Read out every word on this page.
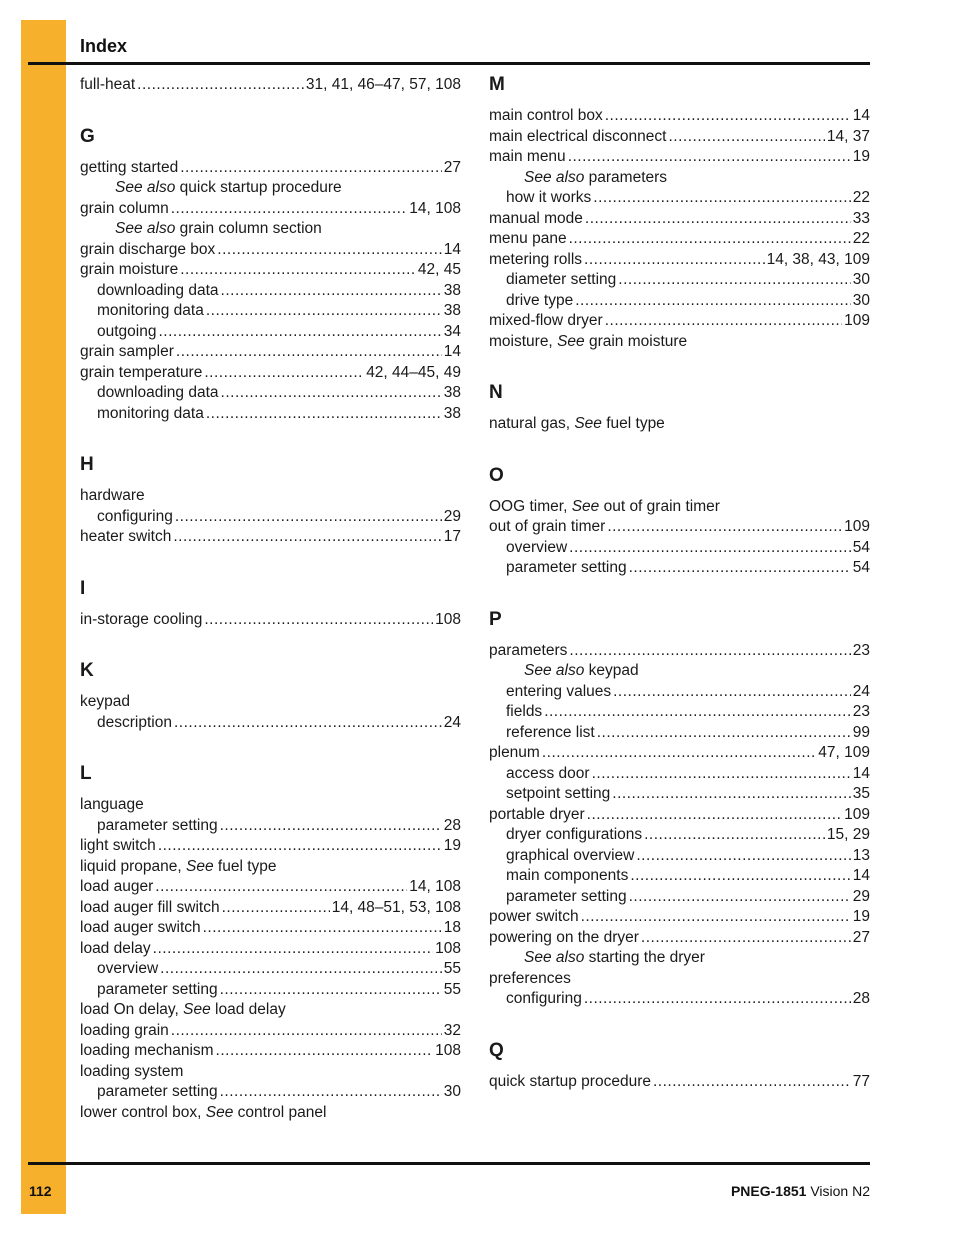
Index
full-heat .....	31, 41, 46–47, 57, 108
G
getting started .....	27
See also quick startup procedure
grain column .....	14, 108
See also grain column section
grain discharge box .....	14
grain moisture .....	42, 45
downloading data .....	38
monitoring data .....	38
outgoing .....	34
grain sampler .....	14
grain temperature .....	42, 44–45, 49
downloading data .....	38
monitoring data .....	38
H
hardware
configuring .....	29
heater switch .....	17
I
in-storage cooling .....	108
K
keypad
description .....	24
L
language
parameter setting .....	28
light switch .....	19
liquid propane, See fuel type
load auger .....	14, 108
load auger fill switch .....	14, 48–51, 53, 108
load auger switch .....	18
load delay .....	108
overview .....	55
parameter setting .....	55
load On delay, See load delay
loading grain .....	32
loading mechanism .....	108
loading system
parameter setting .....	30
lower control box, See control panel
M
main control box .....	14
main electrical disconnect .....	14, 37
main menu .....	19
See also parameters
how it works .....	22
manual mode .....	33
menu pane .....	22
metering rolls .....	14, 38, 43, 109
diameter setting .....	30
drive type .....	30
mixed-flow dryer .....	109
moisture, See grain moisture
N
natural gas, See fuel type
O
OOG timer, See out of grain timer
out of grain timer .....	109
overview .....	54
parameter setting .....	54
P
parameters .....	23
See also keypad
entering values .....	24
fields .....	23
reference list .....	99
plenum .....	47, 109
access door .....	14
setpoint setting .....	35
portable dryer .....	109
dryer configurations .....	15, 29
graphical overview .....	13
main components .....	14
parameter setting .....	29
power switch .....	19
powering on the dryer .....	27
See also starting the dryer
preferences
configuring .....	28
Q
quick startup procedure .....	77
112	PNEG-1851 Vision N2
